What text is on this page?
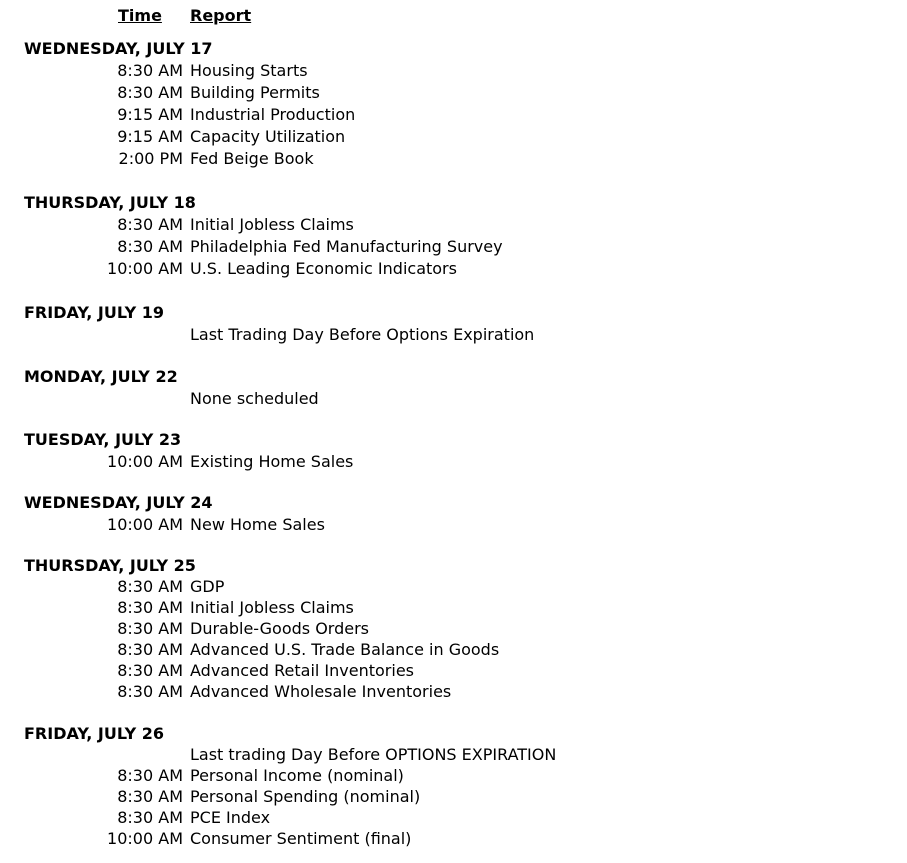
Time	Report
WEDNESDAY, JULY 17
8:30 AM Housing Starts
8:30 AM Building Permits
9:15 AM Industrial Production
9:15 AM Capacity Utilization
2:00 PM Fed Beige Book
THURSDAY, JULY 18
8:30 AM Initial Jobless Claims
8:30 AM Philadelphia Fed Manufacturing Survey
10:00 AM U.S. Leading Economic Indicators
FRIDAY, JULY 19
Last Trading Day Before Options Expiration
MONDAY, JULY 22
None scheduled
TUESDAY, JULY 23
10:00 AM Existing Home Sales
WEDNESDAY, JULY 24
10:00 AM New Home Sales
THURSDAY, JULY 25
8:30 AM GDP
8:30 AM Initial Jobless Claims
8:30 AM Durable-Goods Orders
8:30 AM Advanced U.S. Trade Balance in Goods
8:30 AM Advanced Retail Inventories
8:30 AM Advanced Wholesale Inventories
FRIDAY, JULY 26
Last trading Day Before OPTIONS EXPIRATION
8:30 AM Personal Income (nominal)
8:30 AM Personal Spending (nominal)
8:30 AM PCE Index
10:00 AM Consumer Sentiment (final)
